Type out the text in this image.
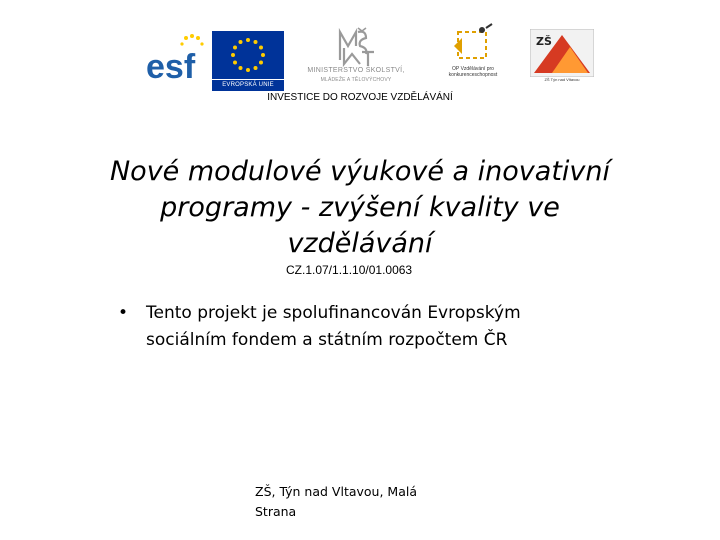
esf	EVROPSKÁ UNIE
MINISTERSTVO ŠKOLSTVÍ,
MLÁDEŽE A TĚLOVÝCHOVY
OP Vzdělávání pro konkurenceschopnost
ZŠ
ZŠ Týn nad Vltavou
INVESTICE DO ROZVOJE VZDĚLÁVÁNÍ
Nové modulové výukové a inovativní
programy - zvýšení kvality ve
vzdělávání
CZ.1.07/1.1.10/01.0063
• Tento projekt je spolufinancován Evropským
sociálním fondem a státním rozpočtem ČR
ZŠ, Týn nad Vltavou, Malá
Strana
